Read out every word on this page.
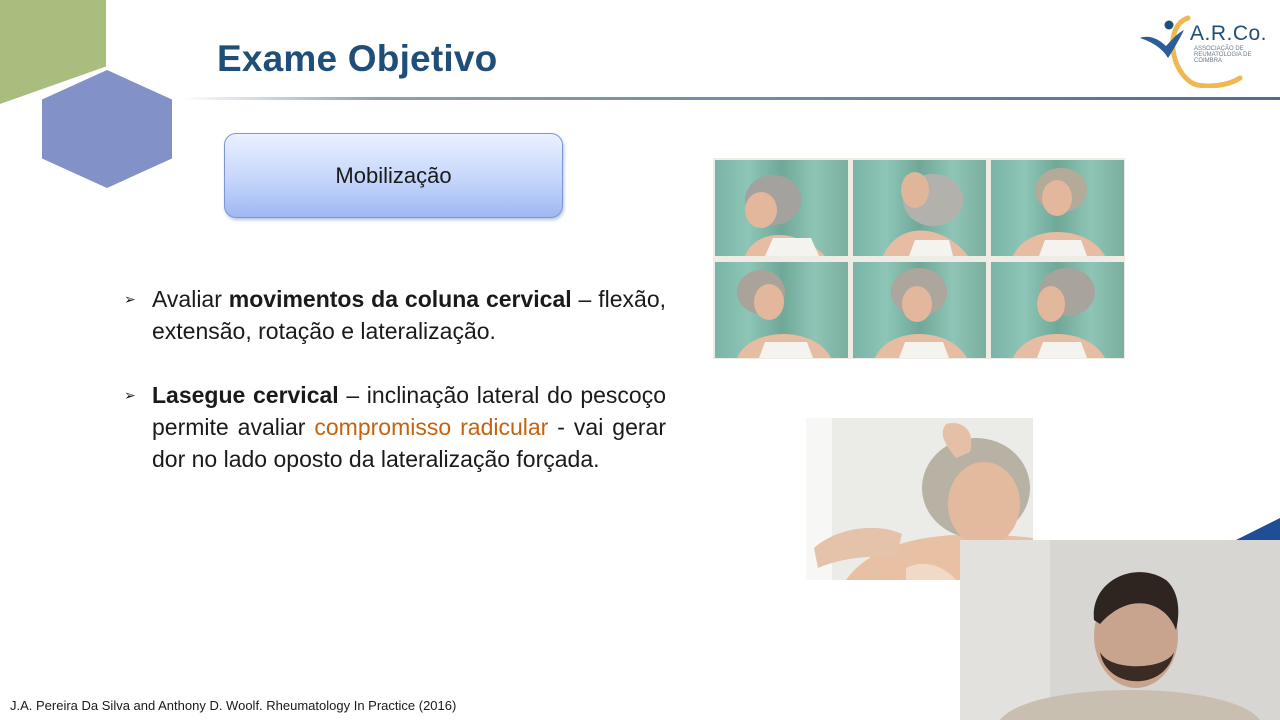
Exame Objetivo
A.R.Co.
ASSOCIAÇÃO DE REUMATOLOGIA DE COIMBRA
Mobilização
➢ Avaliar movimentos da coluna cervical – flexão, extensão, rotação e lateralização.
➢ Lasegue cervical – inclinação lateral do pescoço permite avaliar compromisso radicular - vai gerar dor no lado oposto da lateralização forçada.
J.A. Pereira Da Silva and Anthony D. Woolf. Rheumatology In Practice (2016)
